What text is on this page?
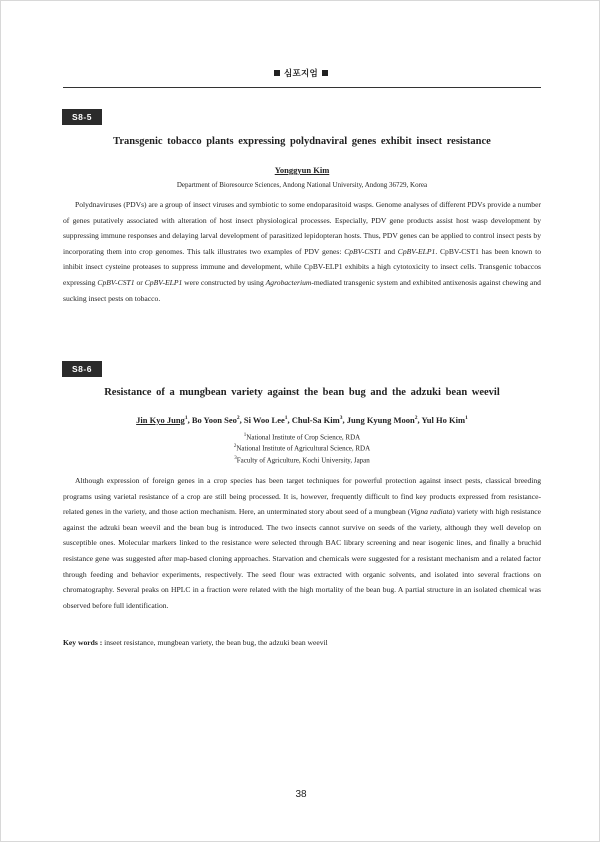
심포지엄
S8-5
Transgenic tobacco plants expressing polydnaviral genes exhibit insect resistance
Yonggyun Kim
Department of Bioresource Sciences, Andong National University, Andong 36729, Korea

Polydnaviruses (PDVs) are a group of insect viruses and symbiotic to some endoparasitoid wasps. Genome analyses of different PDVs provide a number of genes putatively associated with alteration of host insect physiological processes. Especially, PDV gene products assist host wasp development by suppressing immune responses and delaying larval development of parasitized lepidopteran hosts. Thus, PDV genes can be applied to control insect pests by incorporating them into crop genomes. This talk illustrates two examples of PDV genes: CpBV-CST1 and CpBV-ELP1. CpBV-CST1 has been known to inhibit insect cysteine proteases to suppress immune and development, while CpBV-ELP1 exhibits a high cytotoxicity to insect cells. Transgenic tobaccos expressing CpBV-CST1 or CpBV-ELP1 were constructed by using Agrobacterium-mediated transgenic system and exhibited antixenosis against chewing and sucking insect pests on tobacco.

S8-6
Resistance of a mungbean variety against the bean bug and the adzuki bean weevil
Jin Kyo Jung$^1$, Bo Yoon Seo$^2$, Si Woo Lee$^1$, Chul-Sa Kim$^3$, Jung Kyung Moon$^2$, Yul Ho Kim$^1$
$^1$National Institute of Crop Science, RDA
$^2$National Institute of Agricultural Science, RDA
$^3$Faculty of Agriculture, Kochi University, Japan

Although expression of foreign genes in a crop species has been target techniques for powerful protection against insect pests, classical breeding programs using varietal resistance of a crop are still being processed. It is, however, frequently difficult to find key products expressed from resistance-related genes in the variety, and those action mechanism. Here, an unterminated story about seed of a mungbean (Vigna radiata) variety with high resistance against the adzuki bean weevil and the bean bug is introduced. The two insects cannot survive on seeds of the variety, although they well develop on susceptible ones. Molecular markers linked to the resistance were selected through BAC library screening and near isogenic lines, and finally a bruchid resistance gene was suggested after map-based cloning approaches. Starvation and chemicals were suggested for a resistant mechanism and a related factor through feeding and behavior experiments, respectively. The seed flour was extracted with organic solvents, and isolated into several fractions on chromatography. Several peaks on HPLC in a fraction were related with the high mortality of the bean bug. A partial structure in an isolated chemical was observed before full identification.

Key words : inseet resistance, mungbean variety, the bean bug, the adzuki bean weevil
38
